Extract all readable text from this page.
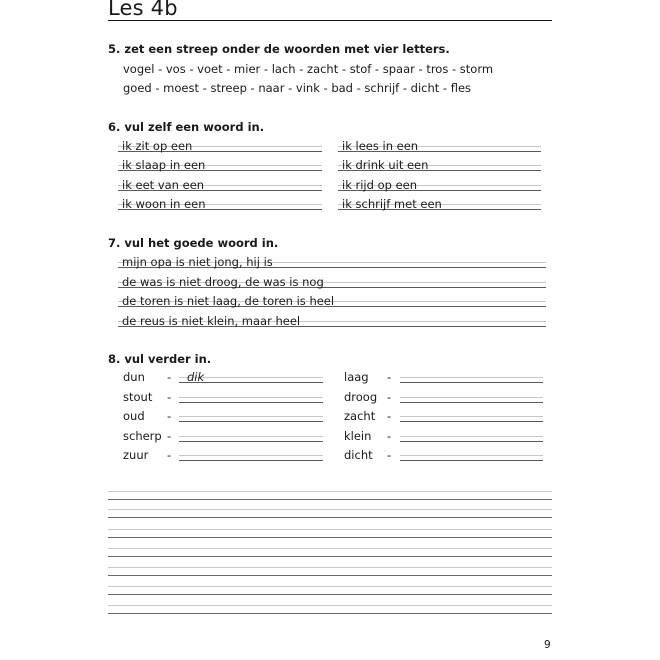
Les 4b
5. zet een streep onder de woorden met vier letters.
vogel - vos - voet - mier - lach - zacht - stof - spaar - tros - storm
goed - moest - streep - naar - vink - bad - schrijf - dicht - fles
6. vul zelf een woord in.
ik zit op een
ik slaap in een
ik eet van een
ik woon in een
ik lees in een
ik drink uit een
ik rijd op een
ik schrijf met een
7. vul het goede woord in.
mijn opa is niet jong, hij is
de was is niet droog, de was is nog
de toren is niet laag, de toren is heel
de reus is niet klein, maar heel
8. vul verder in.
dun - dik
stout -
oud -
scherp -
zuur -
laag -
droog -
zacht -
klein -
dicht -
9
